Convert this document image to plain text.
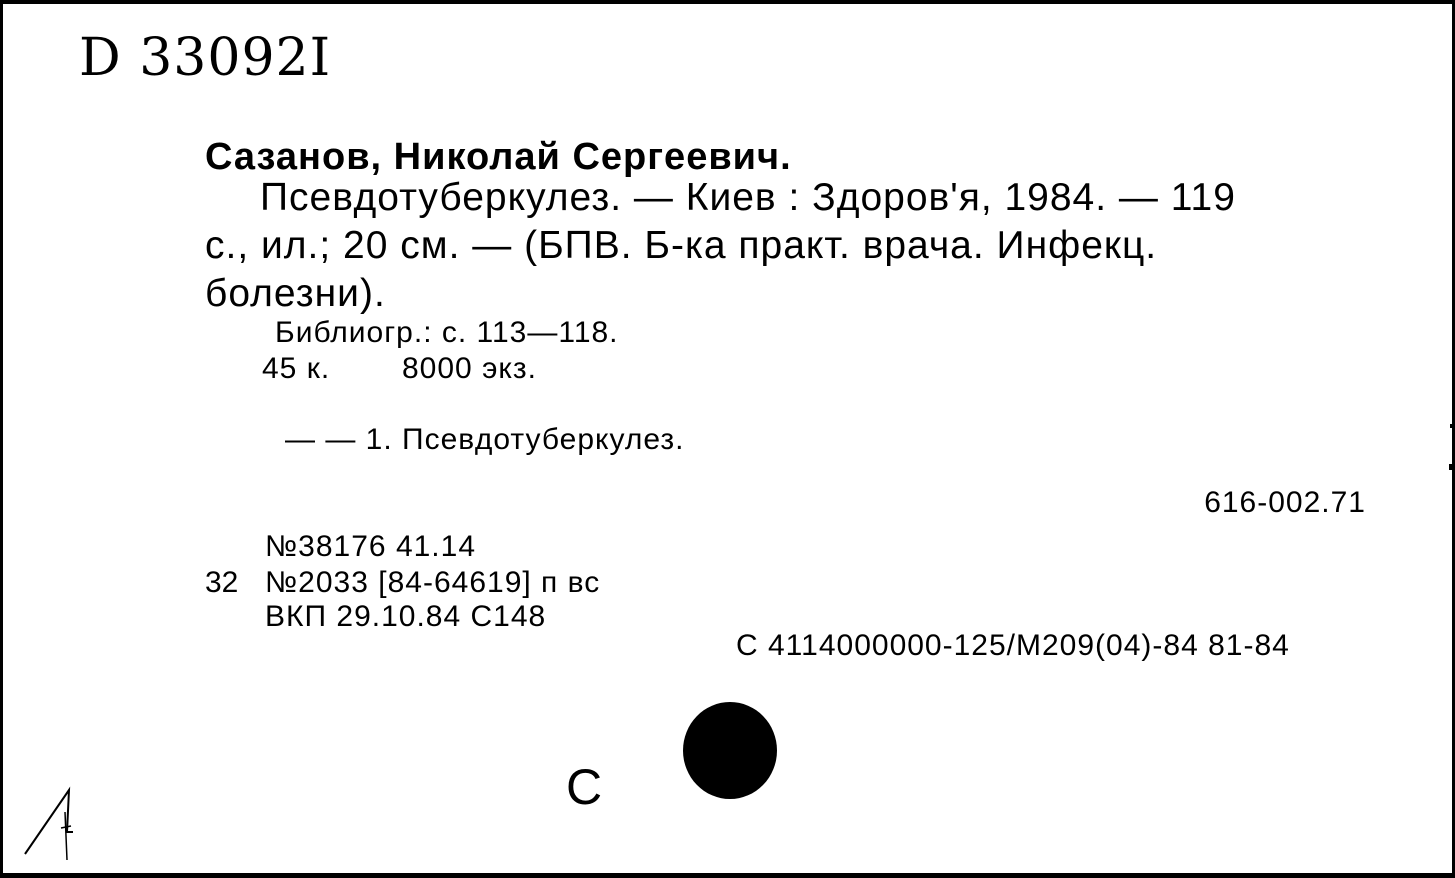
D 33092I
Сазанов, Николай Сергеевич.
Псевдотуберкулез. — Киев : Здоров'я, 1984. — 119
с., ил.; 20 см. — (БПВ. Б-ка практ. врача. Инфекц.
болезни).
Библиогр.: с. 113—118.
45 к. 8000 экз.
— — 1. Псевдотуберкулез.
616-002.71
№38176 41.14
32 №2033 [84-64619] п вс
ВКП 29.10.84 С148
С 4114000000-125/М209(04)-84 81-84
С
